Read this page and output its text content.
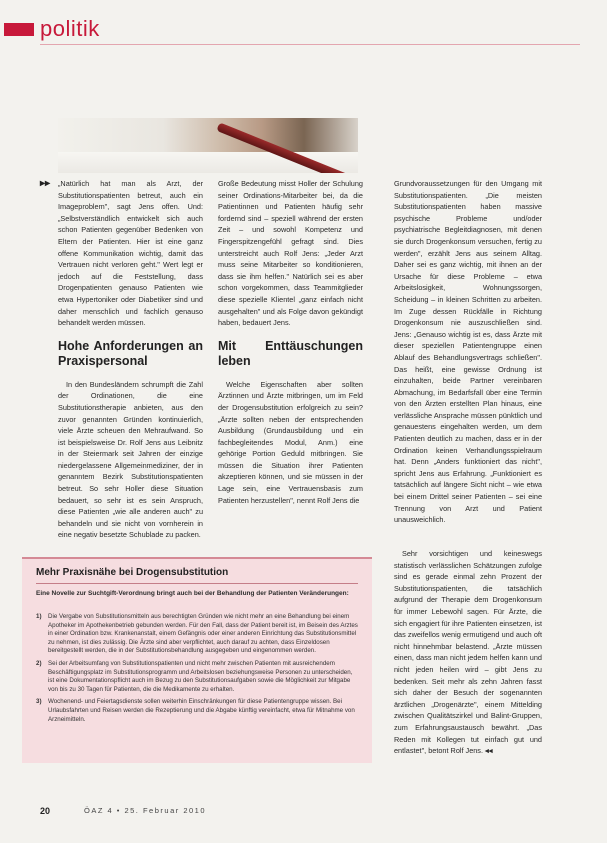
politik
▸▸ „Natürlich hat man als Arzt, der Substitutionspatienten betreut, auch ein Imageproblem", sagt Jens offen. Und: „Selbstverständlich entwickelt sich auch schon Patienten gegenüber Bedenken von Eltern der Patienten. Hier ist eine ganz offene Kommunikation wichtig, damit das Vertrauen nicht verloren geht." Wert legt er jedoch auf die Feststellung, dass Drogenpatienten genauso Patienten wie etwa Hypertoniker oder Diabetiker sind und daher menschlich und fachlich genauso behandelt werden müssen.

Hohe Anforderungen an Praxispersonal

In den Bundesländern schrumpft die Zahl der Ordinationen, die eine Substitutionstherapie anbieten, aus den zuvor genannten Gründen kontinuierlich, viele Ärzte scheuen den Mehraufwand. So ist beispielsweise Dr. Rolf Jens aus Leibnitz in der Steiermark seit Jahren der einzige niedergelassene Allgemeinmediziner, der in genanntem Bezirk Substitutionspatienten betreut. So sehr Holler diese Situation bedauert, so sehr ist es sein Anspruch, diese Patienten „wie alle anderen auch" zu behandeln und sie nicht von vornherein in eine negativ besetzte Schublade zu packen.

Große Bedeutung misst Holler der Schulung seiner Ordinations-Mitarbeiter bei, da die Patientinnen und Patienten häufig sehr fordernd sind – speziell während der ersten Zeit – und sowohl Kompetenz und Fingerspitzengefühl gefragt sind. Dies unterstreicht auch Rolf Jens: „Jeder Arzt muss seine Mitarbeiter so konditionieren, dass sie ihm helfen." Natürlich sei es aber schon vorgekommen, dass Teammitglieder diese spezielle Klientel „ganz einfach nicht ausgehalten" und als Folge davon gekündigt haben, bedauert Jens.

Mit Enttäuschungen leben

Welche Eigenschaften aber sollten Ärztinnen und Ärzte mitbringen, um im Feld der Drogensubstitution erfolgreich zu sein? „Ärzte sollten neben der entsprechenden Ausbildung (Grundausbildung und ein fachbegleitendes Modul, Anm.) eine gehörige Portion Geduld mitbringen. Sie müssen die Situation ihrer Patienten akzeptieren können, und sie müssen in der Lage sein, eine Vertrauensbasis zum Patienten herzustellen", nennt Rolf Jens die

Grundvoraussetzungen für den Umgang mit Substitutionspatienten. „Die meisten Substitutionspatienten haben massive psychische Probleme und/oder psychiatrische Begleitdiagnosen, mit denen sie durch Drogenkonsum versuchen, fertig zu werden", erzählt Jens aus seinem Alltag. Daher sei es ganz wichtig, mit ihnen an der Ursache für diese Probleme – etwa Arbeitslosigkeit, Wohnungssorgen, Scheidung – in kleinen Schritten zu arbeiten. Im Zuge dessen Rückfälle in Richtung Drogenkonsum nie auszuschließen sind. Jens: „Genauso wichtig ist es, dass Ärzte mit dieser speziellen Patientengruppe einen Ablauf des Behandlungsvertrags schließen". Das heißt, eine gewisse Ordnung ist einzuhalten, beide Partner vereinbaren Abmachung, im Bedarfsfall über eine Termin von den Ärzten erstellten Plan hinaus, eine verlässliche Ansprache müssen pünktlich und genauestens eingehalten werden, um dem Patienten deutlich zu machen, dass er in der Ordination keinen Verhandlungsspielraum hat. Denn „Anders funktioniert das nicht", spricht Jens aus Erfahrung. „Funktioniert es tatsächlich auf längere Sicht nicht – wie etwa bei einem Drittel seiner Patienten – sei eine Trennung von Arzt und Patient unausweichlich.

Sehr vorsichtigen und keineswegs statistisch verlässlichen Schätzungen zufolge sind es gerade einmal zehn Prozent der Substitutionspatienten, die tatsächlich aufgrund der Therapie dem Drogenkonsum für immer Lebewohl sagen. Für Ärzte, die sich engagiert für ihre Patienten einsetzen, ist das zweifellos wenig ermutigend und auch oft nicht hinnehmbar belastend. „Ärzte müssen einen, dass man nicht jedem helfen kann und nicht jeden heilen wird – gibt Jens zu bedenken. Seit mehr als zehn Jahren fasst sich daher der Besuch der sogenannten ärztlichen „Drogenärzte", einem Mittelding zwischen Qualitätszirkel und Balint-Gruppen, zum Erfahrungsaustausch bewährt. „Das Reden mit Kollegen tut einfach gut und entlastet", betont Rolf Jens. ◂◂

Mehr Praxisnähe bei Drogensubstitution
Eine Novelle zur Suchtgift-Verordnung bringt auch bei der Behandlung der Patienten Veränderungen:
1) Die Vergabe von Substitutionsmitteln aus berechtigten Gründen wie nicht mehr an eine Behandlung bei einem Apotheker im Apothekenbetrieb gebunden werden. Für den Fall, dass der Patient bereit ist, im Beisein des Arztes in einer Ordination bzw. Krankenanstalt, einem Gefängnis oder einer anderen Einrichtung das Substitutionsmittel zu nehmen, ist dies zulässig. Die Ärzte sind aber verpflichtet, auch darauf zu achten, dass Einzeldosen bereitgestellt werden, die in der Substitutionsbehandlung ausgegeben und eingenommen werden.
2) Sei der Arbeitsumfang von Substitutionspatienten und nicht mehr zwischen Patienten mit ausreichendem Beschäftigungsplatz im Substitutionsprogramm und Arbeitslosen beziehungsweise Personen zu unterscheiden, ist eine Dokumentationspflicht auch im Bezug zu den Substitutionsaufgaben sowie die Möglichkeit zur Mitgabe von bis zu 30 Tagen für Patienten, die die Medikamente zu erhalten.
3) Wochenend- und Feiertagsdienste sollen weiterhin Einschränkungen für diese Patientengruppe wissen. Bei Urlaubsfahrten und Reisen werden die Rezeptierung und die Abgabe künftig vereinfacht, etwa für Mitnahme von Arzneimitteln.
20	ÖAZ 4 • 25. Februar 2010
